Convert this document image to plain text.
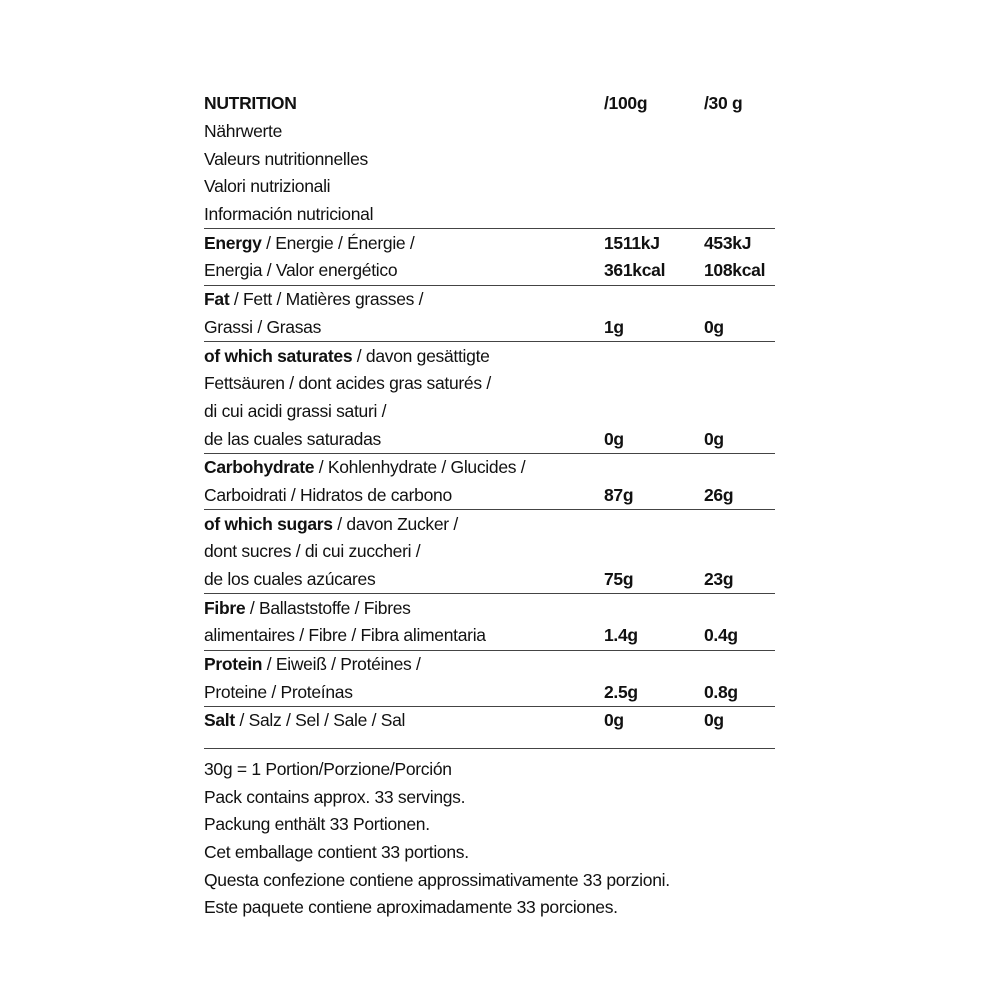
NUTRITION	/100g	/30 g
Nährwerte
Valeurs nutritionnelles
Valori nutrizionali
Información nutricional
Energy / Energie / Énergie /	1511kJ	453kJ
Energia / Valor energético	361kcal	108kcal
Fat / Fett / Matières grasses /
Grassi / Grasas	1g	0g
of which saturates / davon gesättigte
Fettsäuren / dont acides gras saturés /
di cui acidi grassi saturi /
de las cuales saturadas	0g	0g
Carbohydrate / Kohlenhydrate / Glucides /
Carboidrati / Hidratos de carbono	87g	26g
of which sugars / davon Zucker /
dont sucres / di cui zuccheri /
de los cuales azúcares	75g	23g
Fibre / Ballaststoffe / Fibres
alimentaires / Fibre / Fibra alimentaria	1.4g	0.4g
Protein / Eiweiß / Protéines /
Proteine / Proteínas	2.5g	0.8g
Salt / Salz / Sel / Sale / Sal	0g	0g
30g = 1 Portion/Porzione/Porción
Pack contains approx. 33 servings.
Packung enthält 33 Portionen.
Cet emballage contient 33 portions.
Questa confezione contiene approssimativamente 33 porzioni.
Este paquete contiene aproximadamente 33 porciones.
